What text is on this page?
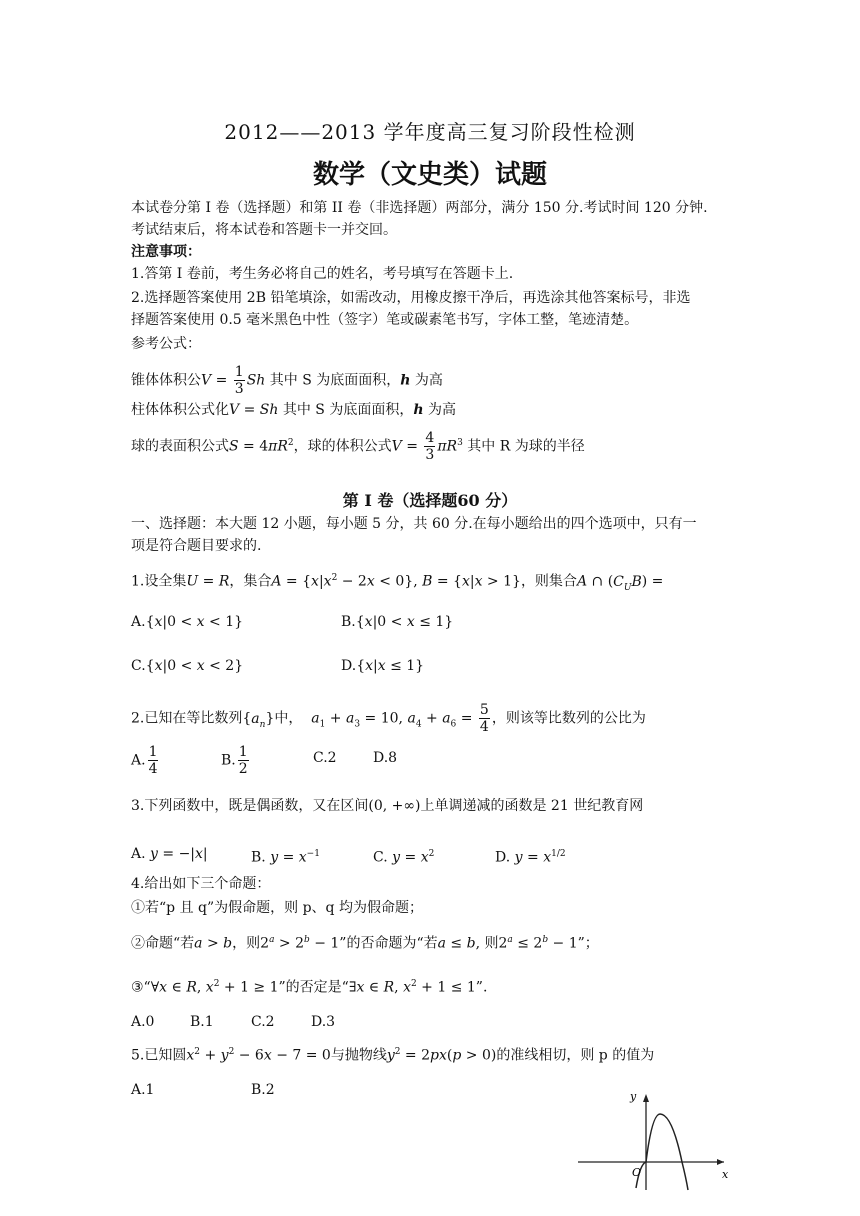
2012——2013 学年度高三复习阶段性检测
数学（文史类）试题
本试卷分第 I 卷（选择题）和第 II 卷（非选择题）两部分，满分 150 分.考试时间 120 分钟.
考试结束后，将本试卷和答题卡一并交回。
注意事项：
1.答第 I 卷前，考生务必将自己的姓名，考号填写在答题卡上.
2.选择题答案使用 2B 铅笔填涂，如需改动，用橡皮擦干净后，再选涂其他答案标号，非选
择题答案使用 0.5 毫米黑色中性（签字）笔或碳素笔书写，字体工整，笔迹清楚。
参考公式：
锥体体积公$V = \frac{1}{3}$ Sh 其中 S 为底面面积，h 为高
柱体体积公式化V = Sh 其中 S 为底面面积，h 为高
球的表面积公式$S = 4\pi R^2$，球的体积公式$V = \frac{4}{3} \pi R^3$ 其中 R 为球的半径
第 I 卷（选择题60 分）
一、选择题：本大题 12 小题，每小题 5 分，共 60 分.在每小题给出的四个选项中，只有一
项是符合题目要求的.
1.设全集U = R，集合$A = \{x|x^2 - 2x < 0\}$, B = {x|x > 1}，则集合A ∩ $(C_UB)$ =
A.{x|0 < x < 1}	B.{x|0 < x ≤ 1}
C.{x|0 < x < 2}	D.{x|x ≤ 1}
2.已知在等比数列$\{a_n\}$中， $a_1 + a_3 = 10$, $a_4 + a_6 = \frac{5}{4}$ ，则该等比数列的公比为
A. $\frac{1}{4}$	B. $\frac{1}{2}$	C.2	D.8
3.下列函数中，既是偶函数，又在区间(0, +∞)上单调递减的函数是 21 世纪教育网
A. y = −|x|	B. $y = x^{-1}$	C. $y = x^2$	D. $y = x^{1/2}$
4.给出如下三个命题：
①若“p 且 q”为假命题，则 p、q 均为假命题；
②命题“若a > b，则$2^a > 2^b - 1$”的否命题为“若a ≤ b, 则$2^a \le 2^b - 1$”；
③“∀x ∈ R, $x^2 + 1 \ge 1$”的否定是“∃x ∈ R, $x^2 + 1 \le 1$”.
A.0	B.1	C.2	D.3
5.已知圆$x^2 + y^2 - 6x - 7 = 0$与抛物线$y^2 = 2px(p > 0)$的准线相切，则 p 的值为
A.1	B.2	y
x
O
